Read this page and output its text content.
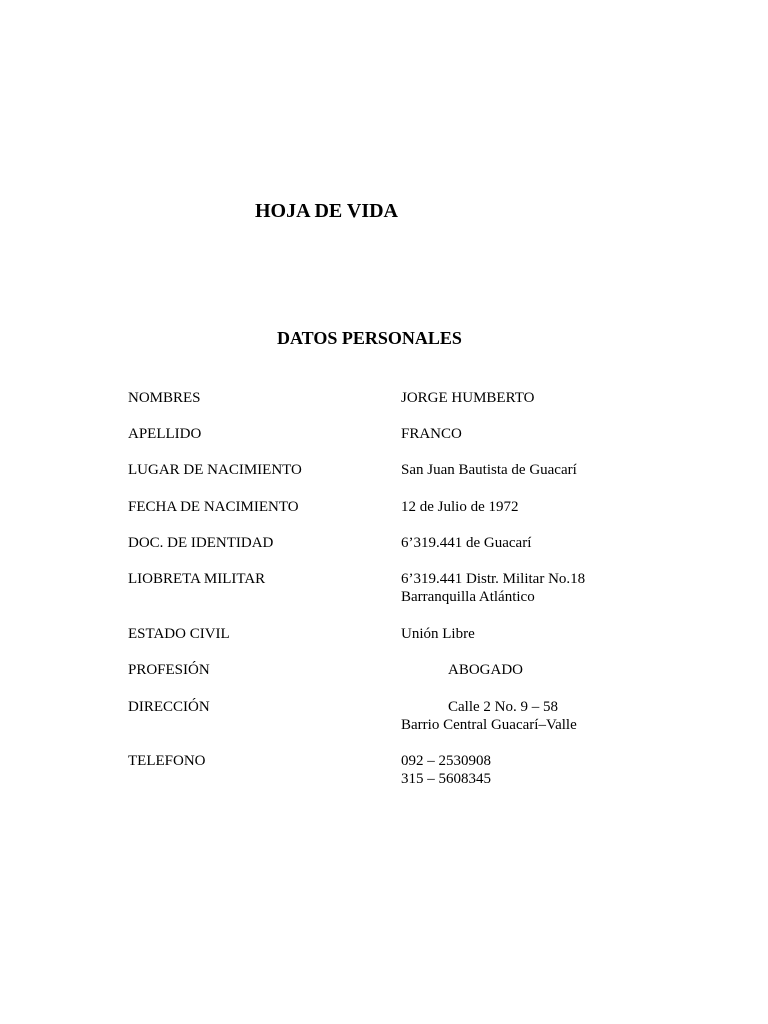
HOJA DE VIDA
DATOS PERSONALES
NOMBRES	JORGE HUMBERTO
APELLIDO	FRANCO
LUGAR DE NACIMIENTO	San Juan Bautista de Guacarí
FECHA DE NACIMIENTO	12 de Julio de 1972
DOC. DE IDENTIDAD	6’319.441 de Guacarí
LIOBRETA MILITAR	6’319.441 Distr. Militar No.18
Barranquilla Atlántico
ESTADO CIVIL	Unión Libre
PROFESIÓN	ABOGADO
DIRECCIÓN	Calle 2 No. 9 – 58
Barrio Central Guacarí–Valle
TELEFONO	092 – 2530908
315 – 5608345
